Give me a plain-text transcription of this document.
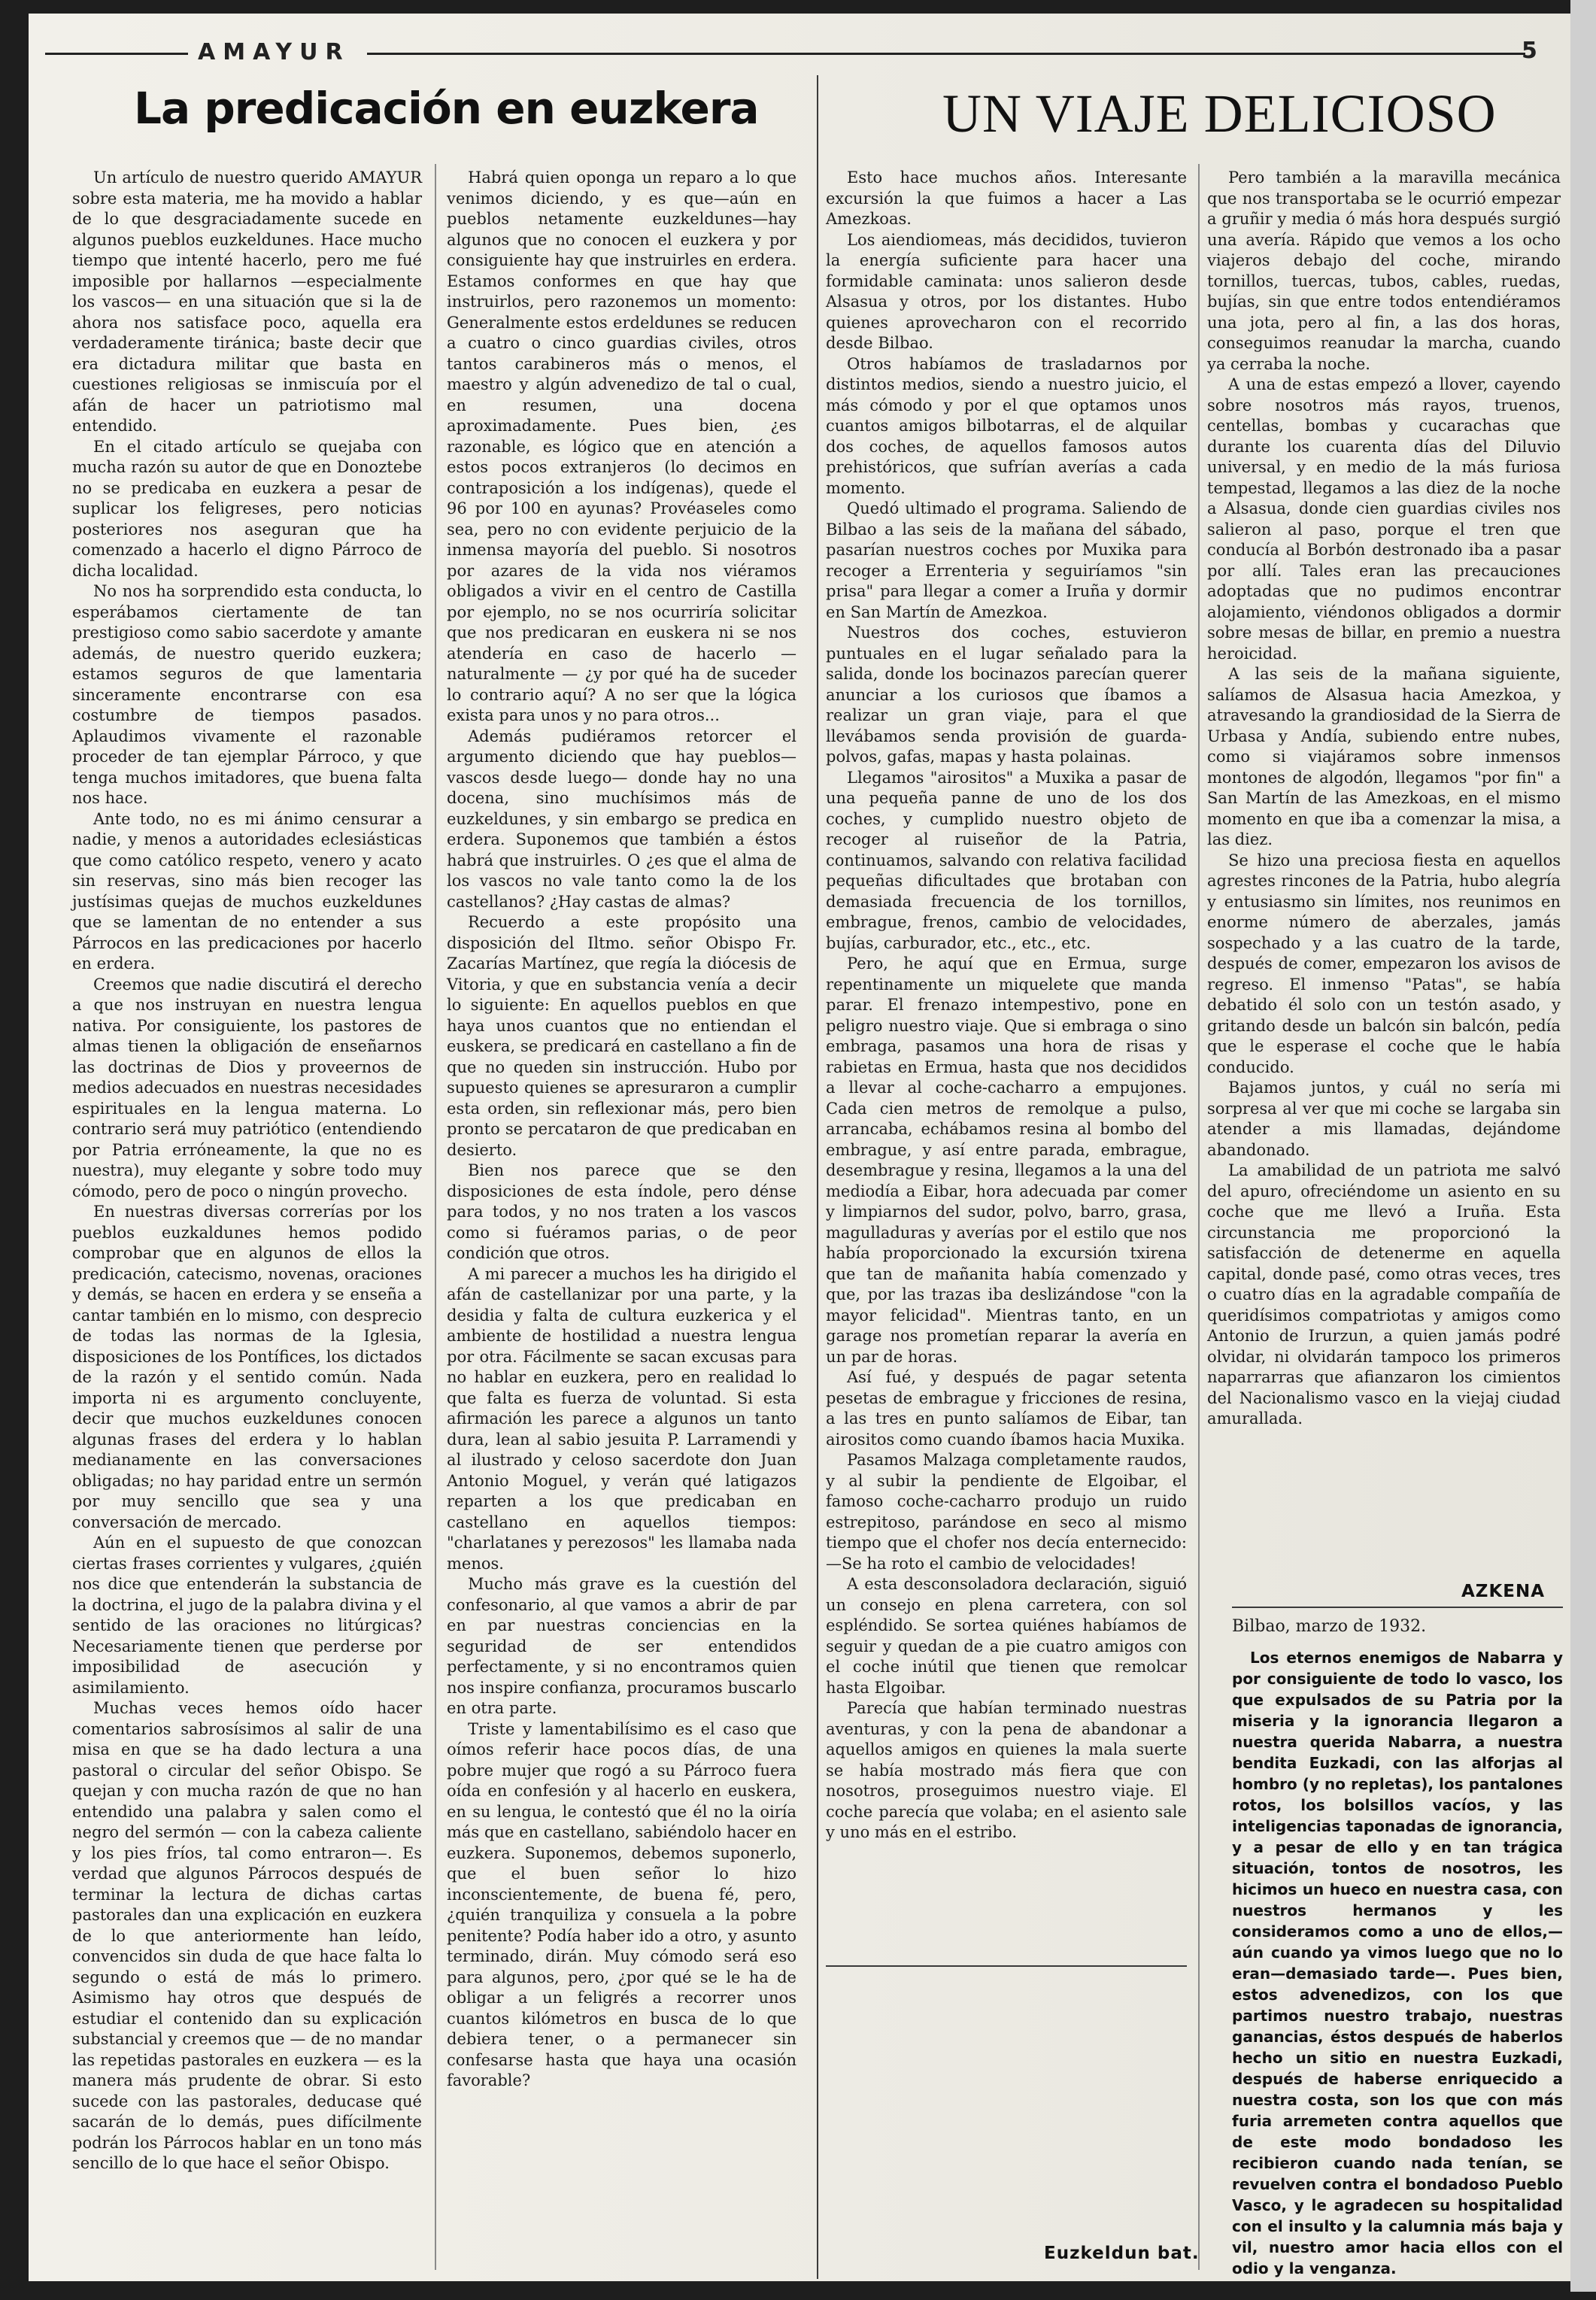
AMAYUR	5
La predicación en euzkera	UN VIAJE DELICIOSO

Un artículo de nuestro querido AMAYUR sobre esta materia, me ha movido a hablar de lo que desgraciadamente sucede en algunos pueblos euzkeldunes. Hace mucho tiempo que intenté hacerlo, pero me fué imposible por hallarnos —especialmente los vascos— en una situación que si la de ahora nos satisface poco, aquella era verdaderamente tiránica; baste decir que era dictadura militar que basta en cuestiones religiosas se inmiscuía por el afán de hacer un patriotismo mal entendido.

En el citado artículo se quejaba con mucha razón su autor de que en Donoztebe no se predicaba en euzkera a pesar de suplicar los feligreses, pero noticias posteriores nos aseguran que ha comenzado a hacerlo el digno Párroco de dicha localidad.

No nos ha sorprendido esta conducta, lo esperábamos ciertamente de tan prestigioso como sabio sacerdote y amante además, de nuestro querido euzkera; estamos seguros de que lamentaria sinceramente encontrarse con esa costumbre de tiempos pasados. Aplaudimos vivamente el razonable proceder de tan ejemplar Párroco, y que tenga muchos imitadores, que buena falta nos hace.

Ante todo, no es mi ánimo censurar a nadie, y menos a autoridades eclesiásticas que como católico respeto, venero y acato sin reservas, sino más bien recoger las justísimas quejas de muchos euzkeldunes que se lamentan de no entender a sus Párrocos en las predicaciones por hacerlo en erdera.

Creemos que nadie discutirá el derecho a que nos instruyan en nuestra lengua nativa. Por consiguiente, los pastores de almas tienen la obligación de enseñarnos las doctrinas de Dios y proveernos de medios adecuados en nuestras necesidades espirituales en la lengua materna. Lo contrario será muy patriótico (entendiendo por Patria erróneamente, la que no es nuestra), muy elegante y sobre todo muy cómodo, pero de poco o ningún provecho.

En nuestras diversas correrías por los pueblos euzkaldunes hemos podido comprobar que en algunos de ellos la predicación, catecismo, novenas, oraciones y demás, se hacen en erdera y se enseña a cantar también en lo mismo, con desprecio de todas las normas de la Iglesia, disposiciones de los Pontífices, los dictados de la razón y el sentido común. Nada importa ni es argumento concluyente, decir que muchos euzkeldunes conocen algunas frases del erdera y lo hablan medianamente en las conversaciones obligadas; no hay paridad entre un sermón por muy sencillo que sea y una conversación de mercado.

Aún en el supuesto de que conozcan ciertas frases corrientes y vulgares, ¿quién nos dice que entenderán la substancia de la doctrina, el jugo de la palabra divina y el sentido de las oraciones no litúrgicas? Necesariamente tienen que perderse por imposibilidad de asecución y asimilamiento.

Muchas veces hemos oído hacer comentarios sabrosísimos al salir de una misa en que se ha dado lectura a una pastoral o circular del señor Obispo. Se quejan y con mucha razón de que no han entendido una palabra y salen como el negro del sermón — con la cabeza caliente y los pies fríos, tal como entraron—. Es verdad que algunos Párrocos después de terminar la lectura de dichas cartas pastorales dan una explicación en euzkera de lo que anteriormente han leído, convencidos sin duda de que hace falta lo segundo o está de más lo primero. Asimismo hay otros que después de estudiar el contenido dan su explicación substancial y creemos que — de no mandar las repetidas pastorales en euzkera — es la manera más prudente de obrar. Si esto sucede con las pastorales, deducase qué sacarán de lo demás, pues difícilmente podrán los Párrocos hablar en un tono más sencillo de lo que hace el señor Obispo.

Habrá quien oponga un reparo a lo que venimos diciendo, y es que—aún en pueblos netamente euzkeldunes—hay algunos que no conocen el euzkera y por consiguiente hay que instruirles en erdera. Estamos conformes en que hay que instruirlos, pero razonemos un momento: Generalmente estos erdeldunes se reducen a cuatro o cinco guardias civiles, otros tantos carabineros más o menos, el maestro y algún advenedizo de tal o cual, en resumen, una docena aproximadamente. Pues bien, ¿es razonable, es lógico que en atención a estos pocos extranjeros (lo decimos en contraposición a los indígenas), quede el 96 por 100 en ayunas? Provéaseles como sea, pero no con evidente perjuicio de la inmensa mayoría del pueblo. Si nosotros por azares de la vida nos viéramos obligados a vivir en el centro de Castilla por ejemplo, no se nos ocurriría solicitar que nos predicaran en euskera ni se nos atendería en caso de hacerlo — naturalmente — ¿y por qué ha de suceder lo contrario aquí? A no ser que la lógica exista para unos y no para otros...

Además pudiéramos retorcer el argumento diciendo que hay pueblos—vascos desde luego— donde hay no una docena, sino muchísimos más de euzkeldunes, y sin embargo se predica en erdera. Suponemos que también a éstos habrá que instruirles. O ¿es que el alma de los vascos no vale tanto como la de los castellanos? ¿Hay castas de almas?

Recuerdo a este propósito una disposición del Iltmo. señor Obispo Fr. Zacarías Martínez, que regía la diócesis de Vitoria, y que en substancia venía a decir lo siguiente: En aquellos pueblos en que haya unos cuantos que no entiendan el euskera, se predicará en castellano a fin de que no queden sin instrucción. Hubo por supuesto quienes se apresuraron a cumplir esta orden, sin reflexionar más, pero bien pronto se percataron de que predicaban en desierto.

Bien nos parece que se den disposiciones de esta índole, pero dénse para todos, y no nos traten a los vascos como si fuéramos parias, o de peor condición que otros.

A mi parecer a muchos les ha dirigido el afán de castellanizar por una parte, y la desidia y falta de cultura euzkerica y el ambiente de hostilidad a nuestra lengua por otra. Fácilmente se sacan excusas para no hablar en euzkera, pero en realidad lo que falta es fuerza de voluntad. Si esta afirmación les parece a algunos un tanto dura, lean al sabio jesuita P. Larramendi y al ilustrado y celoso sacerdote don Juan Antonio Moguel, y verán qué latigazos reparten a los que predicaban en castellano en aquellos tiempos: "charlatanes y perezosos" les llamaba nada menos.

Mucho más grave es la cuestión del confesonario, al que vamos a abrir de par en par nuestras conciencias en la seguridad de ser entendidos perfectamente, y si no encontramos quien nos inspire confianza, procuramos buscarlo en otra parte.

Triste y lamentabilísimo es el caso que oímos referir hace pocos días, de una pobre mujer que rogó a su Párroco fuera oída en confesión y al hacerlo en euskera, en su lengua, le contestó que él no la oiría más que en castellano, sabiéndolo hacer en euzkera. Suponemos, debemos suponerlo, que el buen señor lo hizo inconscientemente, de buena fé, pero, ¿quién tranquiliza y consuela a la pobre penitente? Podía haber ido a otro, y asunto terminado, dirán. Muy cómodo será eso para algunos, pero, ¿por qué se le ha de obligar a un feligrés a recorrer unos cuantos kilómetros en busca de lo que debiera tener, o a permanecer sin confesarse hasta que haya una ocasión favorable?

Esto hace muchos años. Interesante excursión la que fuimos a hacer a Las Amezkoas.

Los aiendiomeas, más decididos, tuvieron la energía suficiente para hacer una formidable caminata: unos salieron desde Alsasua y otros, por los distantes. Hubo quienes aprovecharon con el recorrido desde Bilbao.

Otros habíamos de trasladarnos por distintos medios, siendo a nuestro juicio, el más cómodo y por el que optamos unos cuantos amigos bilbotarras, el de alquilar dos coches, de aquellos famosos autos prehistóricos, que sufrían averías a cada momento.

Quedó ultimado el programa. Saliendo de Bilbao a las seis de la mañana del sábado, pasarían nuestros coches por Muxika para recoger a Errenteria y seguiríamos "sin prisa" para llegar a comer a Iruña y dormir en San Martín de Amezkoa.

Nuestros dos coches, estuvieron puntuales en el lugar señalado para la salida, donde los bocinazos parecían querer anunciar a los curiosos que íbamos a realizar un gran viaje, para el que llevábamos senda provisión de guarda-polvos, gafas, mapas y hasta polainas.

Llegamos "airositos" a Muxika a pasar de una pequeña panne de uno de los dos coches, y cumplido nuestro objeto de recoger al ruiseñor de la Patria, continuamos, salvando con relativa facilidad pequeñas dificultades que brotaban con demasiada frecuencia de los tornillos, embrague, frenos, cambio de velocidades, bujías, carburador, etc., etc., etc.

Pero, he aquí que en Ermua, surge repentinamente un miquelete que manda parar. El frenazo intempestivo, pone en peligro nuestro viaje. Que si embraga o sino embraga, pasamos una hora de risas y rabietas en Ermua, hasta que nos decididos a llevar al coche-cacharro a empujones. Cada cien metros de remolque a pulso, arrancaba, echábamos resina al bombo del embrague, y así entre parada, embrague, desembrague y resina, llegamos a la una del mediodía a Eibar, hora adecuada par comer y limpiarnos del sudor, polvo, barro, grasa, magulladuras y averías por el estilo que nos había proporcionado la excursión txirena que tan de mañanita había comenzado y que, por las trazas iba deslizándose "con la mayor felicidad". Mientras tanto, en un garage nos prometían reparar la avería en un par de horas.

Así fué, y después de pagar setenta pesetas de embrague y fricciones de resina, a las tres en punto salíamos de Eibar, tan airositos como cuando íbamos hacia Muxika.

Pasamos Malzaga completamente raudos, y al subir la pendiente de Elgoibar, el famoso coche-cacharro produjo un ruido estrepitoso, parándose en seco al mismo tiempo que el chofer nos decía enternecido: —Se ha roto el cambio de velocidades!

A esta desconsoladora declaración, siguió un consejo en plena carretera, con sol espléndido. Se sortea quiénes habíamos de seguir y quedan de a pie cuatro amigos con el coche inútil que tienen que remolcar hasta Elgoibar.

Parecía que habían terminado nuestras aventuras, y con la pena de abandonar a aquellos amigos en quienes la mala suerte se había mostrado más fiera que con nosotros, proseguimos nuestro viaje. El coche parecía que volaba; en el asiento sale y uno más en el estribo.

Pero también a la maravilla mecánica que nos transportaba se le ocurrió empezar a gruñir y media ó más hora después surgió una avería. Rápido que vemos a los ocho viajeros debajo del coche, mirando tornillos, tuercas, tubos, cables, ruedas, bujías, sin que entre todos entendiéramos una jota, pero al fin, a las dos horas, conseguimos reanudar la marcha, cuando ya cerraba la noche.

A una de estas empezó a llover, cayendo sobre nosotros más rayos, truenos, centellas, bombas y cucarachas que durante los cuarenta días del Diluvio universal, y en medio de la más furiosa tempestad, llegamos a las diez de la noche a Alsasua, donde cien guardias civiles nos salieron al paso, porque el tren que conducía al Borbón destronado iba a pasar por allí. Tales eran las precauciones adoptadas que no pudimos encontrar alojamiento, viéndonos obligados a dormir sobre mesas de billar, en premio a nuestra heroicidad.

A las seis de la mañana siguiente, salíamos de Alsasua hacia Amezkoa, y atravesando la grandiosidad de la Sierra de Urbasa y Andía, subiendo entre nubes, como si viajáramos sobre inmensos montones de algodón, llegamos "por fin" a San Martín de las Amezkoas, en el mismo momento en que iba a comenzar la misa, a las diez.

Se hizo una preciosa fiesta en aquellos agrestes rincones de la Patria, hubo alegría y entusiasmo sin límites, nos reunimos en enorme número de aberzales, jamás sospechado y a las cuatro de la tarde, después de comer, empezaron los avisos de regreso. El inmenso "Patas", se había debatido él solo con un testón asado, y gritando desde un balcón sin balcón, pedía que le esperase el coche que le había conducido.

Bajamos juntos, y cuál no sería mi sorpresa al ver que mi coche se largaba sin atender a mis llamadas, dejándome abandonado.

La amabilidad de un patriota me salvó del apuro, ofreciéndome un asiento en su coche que me llevó a Iruña. Esta circunstancia me proporcionó la satisfacción de detenerme en aquella capital, donde pasé, como otras veces, tres o cuatro días en la agradable compañía de queridísimos compatriotas y amigos como Antonio de Irurzun, a quien jamás podré olvidar, ni olvidarán tampoco los primeros naparrarras que afianzaron los cimientos del Nacionalismo vasco en la viejaj ciudad amurallada.

AZKENA
Bilbao, marzo de 1932.

Los eternos enemigos de Nabarra y por consiguiente de todo lo vasco, los que expulsados de su Patria por la miseria y la ignorancia llegaron a nuestra querida Nabarra, a nuestra bendita Euzkadi, con las alforjas al hombro (y no repletas), los pantalones rotos, los bolsillos vacíos, y las inteligencias taponadas de ignorancia, y a pesar de ello y en tan trágica situación, tontos de nosotros, les hicimos un hueco en nuestra casa, con nuestros hermanos y les consideramos como a uno de ellos,— aún cuando ya vimos luego que no lo eran—demasiado tarde—. Pues bien, estos advenedizos, con los que partimos nuestro trabajo, nuestras ganancias, éstos después de haberlos hecho un sitio en nuestra Euzkadi, después de haberse enriquecido a nuestra costa, son los que con más furia arremeten contra aquellos que de este modo bondadoso les recibieron cuando nada tenían, se revuelven contra el bondadoso Pueblo Vasco, y le agradecen su hospitalidad con el insulto y la calumnia más baja y vil, nuestro amor hacia ellos con el odio y la venganza.

Euzkeldun bat.
